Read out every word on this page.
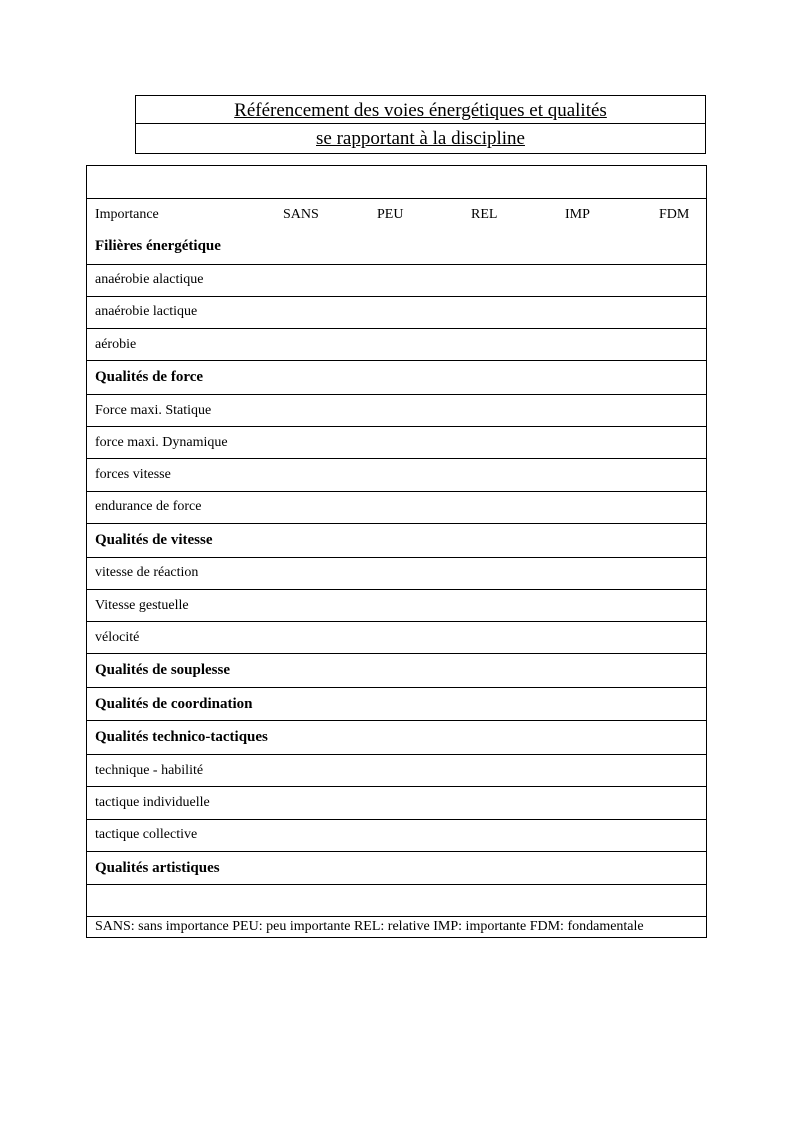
Référencement des voies énergétiques et qualités
se rapportant à la discipline
Importance	SANS	PEU	REL	IMP	FDM
Filières énergétique
anaérobie alactique
anaérobie lactique
aérobie
Qualités de force
Force maxi. Statique
force maxi. Dynamique
forces vitesse
endurance de force
Qualités de vitesse
vitesse de réaction
Vitesse gestuelle
vélocité
Qualités de souplesse
Qualités de coordination
Qualités technico-tactiques
technique - habilité
tactique individuelle
tactique collective
Qualités artistiques
SANS: sans importance PEU: peu importante REL: relative IMP: importante FDM: fondamentale
